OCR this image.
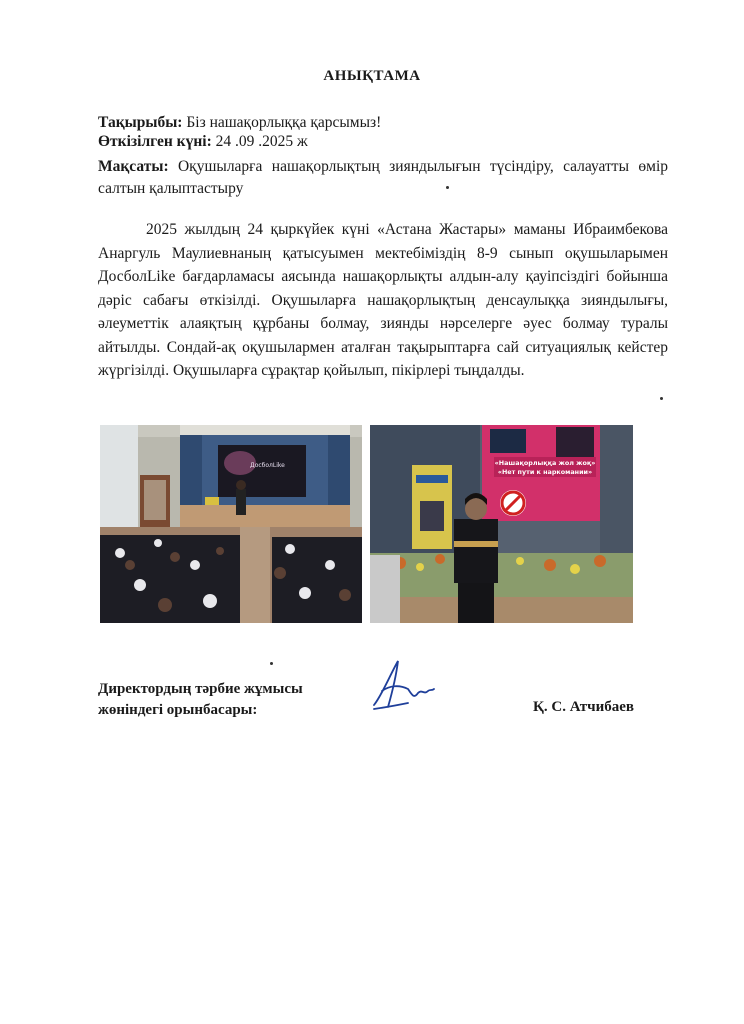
АНЫҚТАМА
Тақырыбы: Біз нашақорлыққа қарсымыз!
Өткізілген күні: 24 .09 .2025 ж
Мақсаты: Оқушыларға нашақорлықтың зияндылығын түсіндіру, салауатты өмір салтын қалыптастыру
2025 жылдың 24 қыркүйек күні «Астана Жастары» маманы Ибраимбекова Анаргуль Маулиевнаның қатысуымен мектебіміздің 8-9 сынып оқушыларымен ДосболLike бағдарламасы аясында нашақорлықты алдын-алу қауіпсіздігі бойынша дәріс сабағы өткізілді. Оқушыларға нашақорлықтың денсаулыққа зияндылығы, әлеуметтік алаяқтың құрбаны болмау, зиянды нәрселерге әуес болмау туралы айтылды. Сондай-ақ оқушылармен аталған тақырыптарға сай ситуациялық кейстер жүргізілді. Оқушыларға сұрақтар қойылып, пікірлері тыңдалды.
ДосболLike	«Нашақорлыққа жол жоқ»
«Нет пути к наркомании»
Директордың тәрбие жұмысы
жөніндегі орынбасары:	Қ. С. Атчибаев
